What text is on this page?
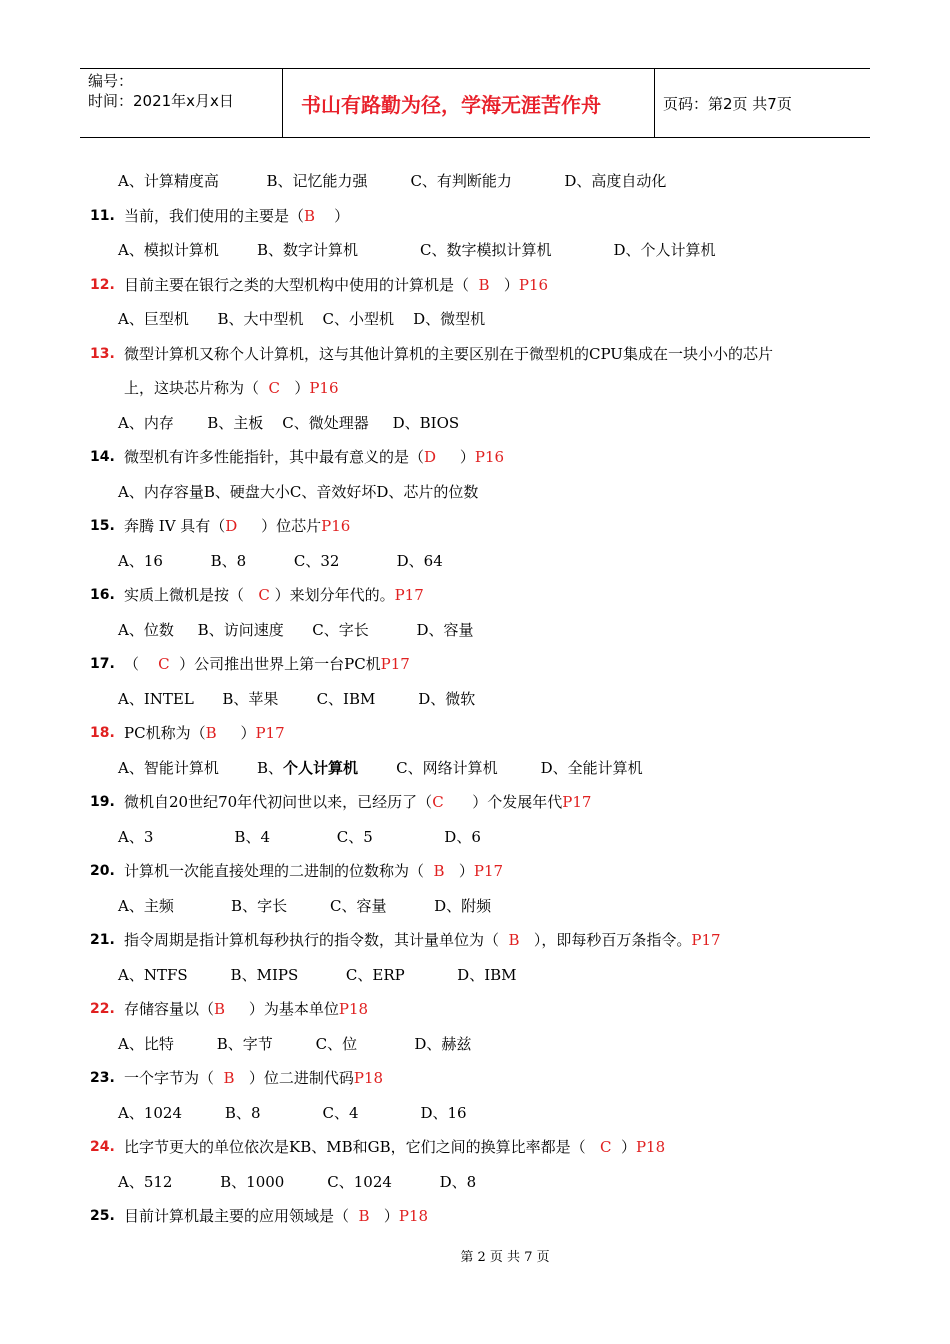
编号：
时间：2021年x月x日	书山有路勤为径，学海无涯苦作舟	页码：第2页 共7页
A、计算精度高          B、记忆能力强         C、有判断能力           D、高度自动化
11. 当前，我们使用的主要是（B    ）
A、模拟计算机        B、数字计算机             C、数字模拟计算机             D、个人计算机
12. 目前主要在银行之类的大型机构中使用的计算机是（  B   ）P16
A、巨型机      B、大中型机    C、小型机    D、微型机
13. 微型计算机又称个人计算机，这与其他计算机的主要区别在于微型机的CPU集成在一块小小的芯片
上，这块芯片称为（  C   ）P16
A、内存       B、主板    C、微处理器     D、BIOS
14. 微型机有许多性能指针，其中最有意义的是（D     ）P16
A、内存容量B、硬盘大小C、音效好坏D、芯片的位数
15. 奔腾 IV 具有（D     ）位芯片P16
A、16          B、8          C、32            D、64
16. 实质上微机是按（   C ）来划分年代的。P17
A、位数     B、访问速度      C、字长          D、容量
17. （    C  ）公司推出世界上第一台PC机P17
A、INTEL      B、苹果        C、IBM         D、微软
18. PC机称为（B     ）P17
A、智能计算机        B、个人计算机        C、网络计算机         D、全能计算机
19. 微机自20世纪70年代初问世以来，已经历了（C      ）个发展年代P17
A、3                 B、4              C、5               D、6
20. 计算机一次能直接处理的二进制的位数称为（  B   ）P17
A、主频            B、字长         C、容量          D、附频
21. 指令周期是指计算机每秒执行的指令数，其计量单位为（  B   ），即每秒百万条指令。P17
A、NTFS         B、MIPS          C、ERP           D、IBM
22. 存储容量以（B     ）为基本单位P18
A、比特         B、字节         C、位            D、赫兹
23. 一个字节为（  B   ）位二进制代码P18
A、1024         B、8             C、4             D、16
24. 比字节更大的单位依次是KB、MB和GB，它们之间的换算比率都是（   C  ）P18
A、512          B、1000         C、1024          D、8
25. 目前计算机最主要的应用领域是（  B   ）P18
第 2 页 共 7 页
